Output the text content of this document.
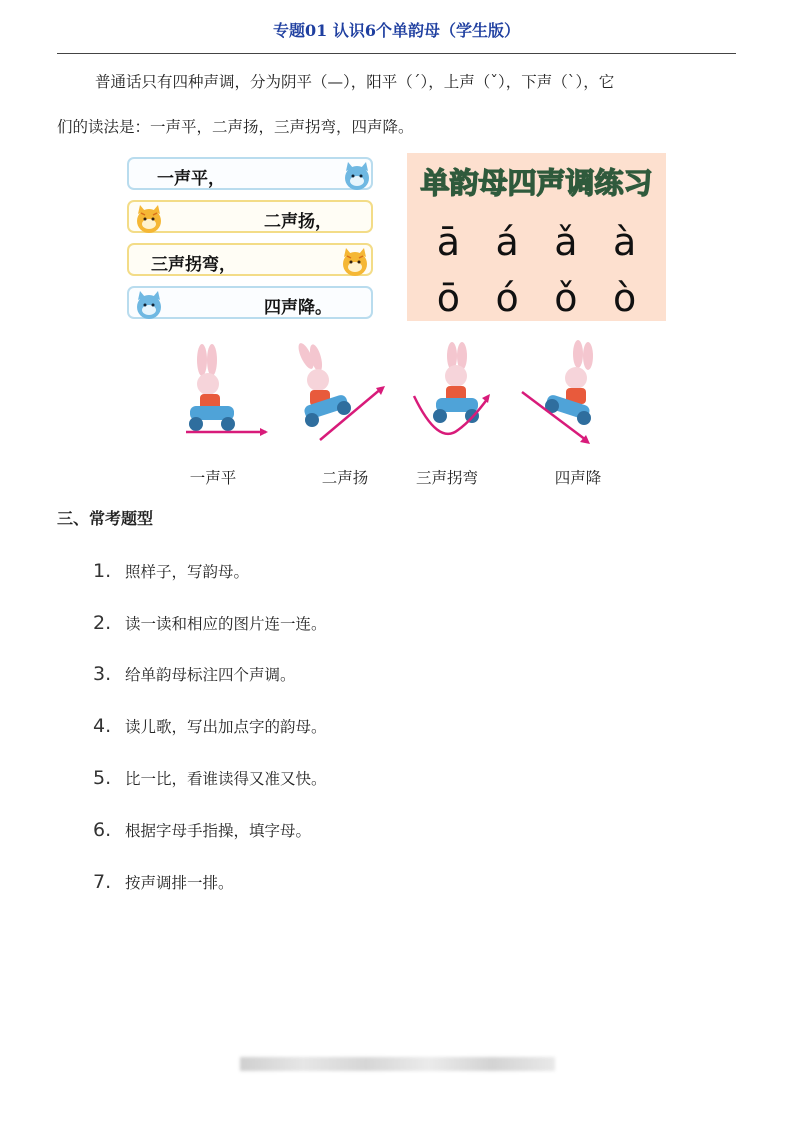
专题01 认识6个单韵母（学生版）
普通话只有四种声调，分为阴平（—），阳平（ˊ），上声（ˇ），下声（ˋ），它
们的读法是：一声平，二声扬，三声拐弯，四声降。
一声平，
二声扬，
三声拐弯，
四声降。
单韵母四声调练习
ā á ǎ à
ō ó ǒ ò
一声平	二声扬	三声拐弯	四声降
三、常考题型
1. 照样子，写韵母。
2. 读一读和相应的图片连一连。
3. 给单韵母标注四个声调。
4. 读儿歌，写出加点字的韵母。
5. 比一比，看谁读得又准又快。
6. 根据字母手指操，填字母。
7. 按声调排一排。
